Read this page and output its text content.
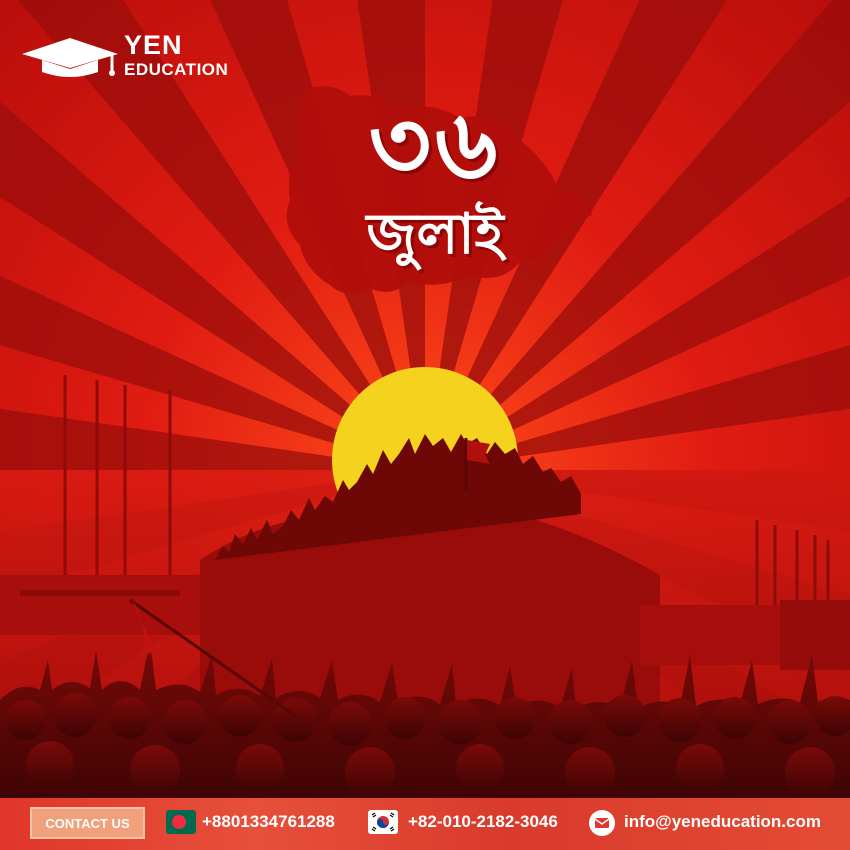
YEN
EDUCATION
৩৬
জুলাই
CONTACT US	+8801334761288	+82-010-2182-3046	info@yeneducation.com
